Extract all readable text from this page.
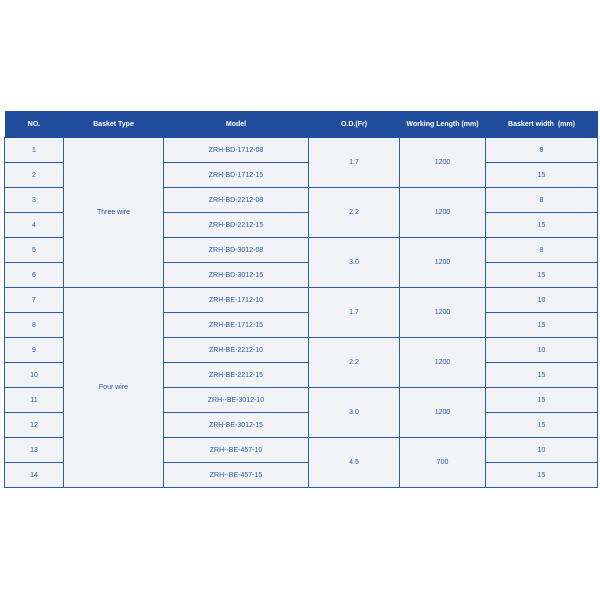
NO.	Basket Type	Model	O.D.(Fr)	Working Length (mm)	Baskert width  (mm)
1	Three wire	ZRH-BD-1712-08	1.7	1200	8
2		ZRH-BD-1712-15			15
3		ZRH-BD-2212-08	2.2	1200	8
4		ZRH-BD-2212-15			15
5		ZRH-BD-3012-08	3.0	1200	8
6		ZRH-BD-3012-15			15
7	Four wire	ZRH-BE-1712-10	1.7	1200	10
8		ZRH-BE-1712-15			15
9		ZRH-BE-2212-10	2.2	1200	10
10		ZRH-BE-2212-15			15
11		ZRH--BE-3012-10	3.0	1200	15
12		ZRH-BE-3012-15			15
13		ZRH--BE-457-10	4.5	700	10
14		ZRH--BE-457-15			15
